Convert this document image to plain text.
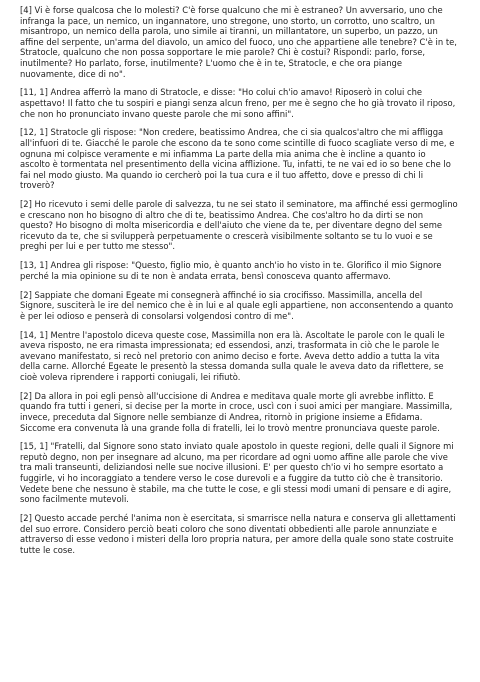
[4] Vi è forse qualcosa che lo molesti? C'è forse qualcuno che mi è estraneo? Un avversario, uno che infranga la pace, un nemico, un ingannatore, uno stregone, uno storto, un corrotto, uno scaltro, un misantropo, un nemico della parola, uno simile ai tiranni, un millantatore, un superbo, un pazzo, un affine del serpente, un'arma del diavolo, un amico del fuoco, uno che appartiene alle tenebre? C'è in te, Stratocle, qualcuno che non possa sopportare le mie parole? Chi è costui? Rispondi: parlo, forse, inutilmente? Ho parlato, forse, inutilmente? L'uomo che è in te, Stratocle, e che ora piange nuovamente, dice di no".

[11, 1] Andrea afferrò la mano di Stratocle, e disse: "Ho colui ch'io amavo! Riposerò in colui che aspettavo! Il fatto che tu sospiri e piangi senza alcun freno, per me è segno che ho già trovato il riposo, che non ho pronunciato invano queste parole che mi sono affini".

[12, 1] Stratocle gli rispose: "Non credere, beatissimo Andrea, che ci sia qualcos'altro che mi affligga all'infuori di te. Giacché le parole che escono da te sono come scintille di fuoco scagliate verso di me, e ognuna mi colpisce veramente e mi infiamma La parte della mia anima che è incline a quanto io ascolto è tormentata nel presentimento della vicina afflizione. Tu, infatti, te ne vai ed io so bene che lo fai nel modo giusto. Ma quando io cercherò poi la tua cura e il tuo affetto, dove e presso di chi li troverò?

[2] Ho ricevuto i semi delle parole di salvezza, tu ne sei stato il seminatore, ma affinché essi germoglino e crescano non ho bisogno di altro che di te, beatissimo Andrea. Che cos'altro ho da dirti se non questo? Ho bisogno di molta misericordia e dell'aiuto che viene da te, per diventare degno del seme ricevuto da te, che si svilupperà perpetuamente o crescerà visibilmente soltanto se tu lo vuoi e se preghi per lui e per tutto me stesso".

[13, 1] Andrea gli rispose: "Questo, figlio mio, è quanto anch'io ho visto in te. Glorifico il mio Signore perché la mia opinione su di te non è andata errata, bensì conosceva quanto affermavo.

[2] Sappiate che domani Egeate mi consegnerà affinché io sia crocifisso. Massimilla, ancella del Signore, susciterà le ire del nemico che è in lui e al quale egli appartiene, non acconsentendo a quanto è per lei odioso e penserà di consolarsi volgendosi contro di me".

[14, 1] Mentre l'apostolo diceva queste cose, Massimilla non era là. Ascoltate le parole con le quali le aveva risposto, ne era rimasta impressionata; ed essendosi, anzi, trasformata in ciò che le parole le avevano manifestato, si recò nel pretorio con animo deciso e forte. Aveva detto addio a tutta la vita della carne. Allorché Egeate le presentò la stessa domanda sulla quale le aveva dato da riflettere, se cioè voleva riprendere i rapporti coniugali, lei rifiutò.

[2] Da allora in poi egli pensò all'uccisione di Andrea e meditava quale morte gli avrebbe inflitto. E quando fra tutti i generi, si decise per la morte in croce, uscì con i suoi amici per mangiare. Massimilla, invece, preceduta dal Signore nelle sembianze di Andrea, ritornò in prigione insieme a Efidama. Siccome era convenuta là una grande folla di fratelli, lei lo trovò mentre pronunciava queste parole.

[15, 1] "Fratelli, dal Signore sono stato inviato quale apostolo in queste regioni, delle quali il Signore mi reputò degno, non per insegnare ad alcuno, ma per ricordare ad ogni uomo affine alle parole che vive tra mali transeunti, deliziandosi nelle sue nocive illusioni. E' per questo ch'io vi ho sempre esortato a fuggirle, vi ho incoraggiato a tendere verso le cose durevoli e a fuggire da tutto ciò che è transitorio. Vedete bene che nessuno è stabile, ma che tutte le cose, e gli stessi modi umani di pensare e di agire, sono facilmente mutevoli.

[2] Questo accade perché l'anima non è esercitata, si smarrisce nella natura e conserva gli allettamenti del suo errore. Considero perciò beati coloro che sono diventati obbedienti alle parole annunziate e attraverso di esse vedono i misteri della loro propria natura, per amore della quale sono state costruite tutte le cose.
